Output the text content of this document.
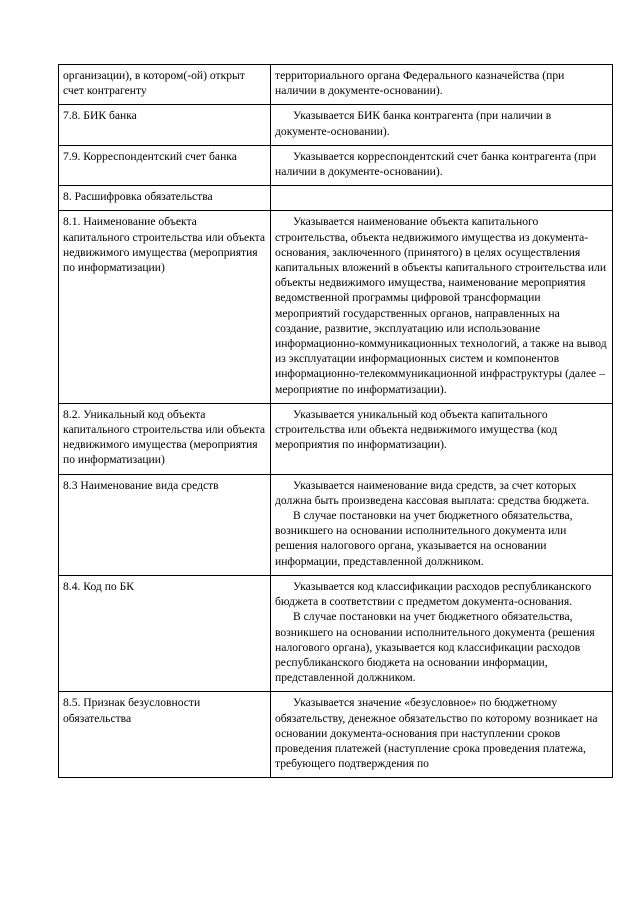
организации), в котором(-ой) открыт счет контрагенту	территориального органа Федерального казначейства (при наличии в документе-основании).

7.8. БИК банка	Указывается БИК банка контрагента (при наличии в документе-основании).

7.9. Корреспондентский счет банка	Указывается корреспондентский счет банка контрагента (при наличии в документе-основании).

8. Расшифровка обязательства	

8.1. Наименование объекта капитального строительства или объекта недвижимого имущества (мероприятия по информатизации)	Указывается наименование объекта капитального строительства, объекта недвижимого имущества из документа-основания, заключенного (принятого) в целях осуществления капитальных вложений в объекты капитального строительства или объекты недвижимого имущества, наименование мероприятия ведомственной программы цифровой трансформации мероприятий государственных органов, направленных на создание, развитие, эксплуатацию или использование информационно-коммуникационных технологий, а также на вывод из эксплуатации информационных систем и компонентов информационно-телекоммуникационной инфраструктуры (далее – мероприятие по информатизации).

8.2. Уникальный код объекта капитального строительства или объекта недвижимого имущества (мероприятия по информатизации)	Указывается уникальный код объекта капитального строительства или объекта недвижимого имущества (код мероприятия по информатизации).

8.3 Наименование вида средств	Указывается наименование вида средств, за счет которых должна быть произведена кассовая выплата: средства бюджета.

В случае постановки на учет бюджетного обязательства, возникшего на основании исполнительного документа или решения налогового органа, указывается на основании информации, представленной должником.

8.4. Код по БК	Указывается код классификации расходов республиканского бюджета в соответствии с предметом документа-основания.

В случае постановки на учет бюджетного обязательства, возникшего на основании исполнительного документа (решения налогового органа), указывается код классификации расходов республиканского бюджета на основании информации, представленной должником.

8.5. Признак безусловности обязательства	Указывается значение «безусловное» по бюджетному обязательству, денежное обязательство по которому возникает на основании документа-основания при наступлении сроков проведения платежей (наступление срока проведения платежа, требующего подтверждения по
